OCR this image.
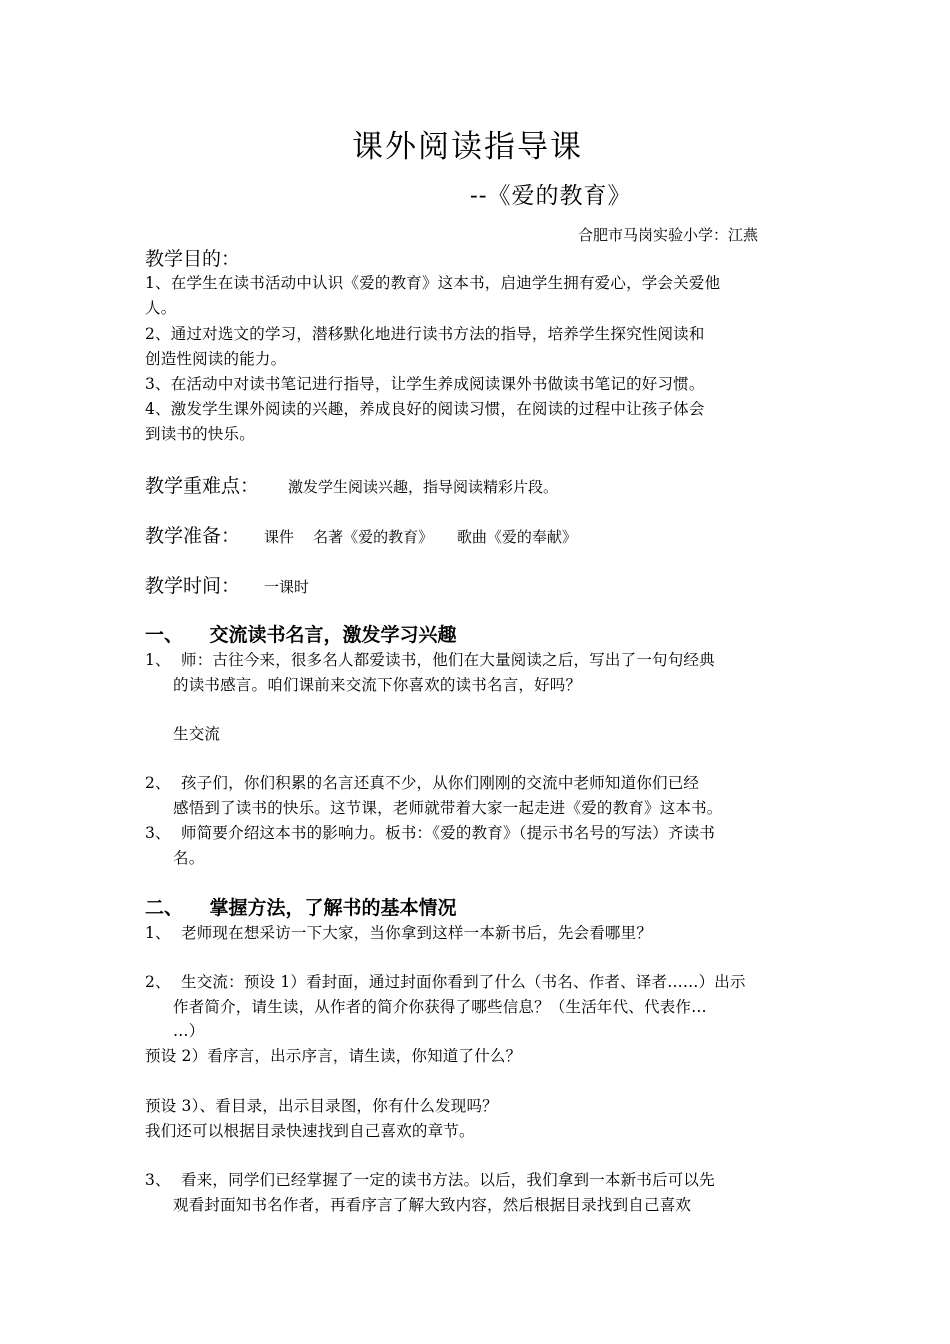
课外阅读指导课
--《爱的教育》
合肥市马岗实验小学：江燕
教学目的：
1、在学生在读书活动中认识《爱的教育》这本书，启迪学生拥有爱心，学会关爱他
人。
2、通过对选文的学习，潜移默化地进行读书方法的指导，培养学生探究性阅读和
创造性阅读的能力。
3、在活动中对读书笔记进行指导，让学生养成阅读课外书做读书笔记的好习惯。
4、激发学生课外阅读的兴趣，养成良好的阅读习惯，在阅读的过程中让孩子体会
到读书的快乐。
教学重难点： 激发学生阅读兴趣，指导阅读精彩片段。
教学准备： 课件    名著《爱的教育》     歌曲《爱的奉献》
教学时间： 一课时
一、    交流读书名言，激发学习兴趣
1、  师：古往今来，很多名人都爱读书，他们在大量阅读之后，写出了一句句经典
的读书感言。咱们课前来交流下你喜欢的读书名言，好吗？
生交流
2、  孩子们，你们积累的名言还真不少，从你们刚刚的交流中老师知道你们已经
感悟到了读书的快乐。这节课，老师就带着大家一起走进《爱的教育》这本书。
3、  师简要介绍这本书的影响力。板书：《爱的教育》（提示书名号的写法）齐读书
名。
二、    掌握方法，了解书的基本情况
1、  老师现在想采访一下大家，当你拿到这样一本新书后，先会看哪里？
2、  生交流：预设 1）看封面，通过封面你看到了什么（书名、作者、译者……）出示
作者简介，请生读，从作者的简介你获得了哪些信息？（生活年代、代表作…
…）
预设 2）看序言，出示序言，请生读，你知道了什么？
预设 3）、看目录，出示目录图，你有什么发现吗？
我们还可以根据目录快速找到自己喜欢的章节。
3、  看来，同学们已经掌握了一定的读书方法。以后，我们拿到一本新书后可以先
观看封面知书名作者，再看序言了解大致内容，然后根据目录找到自己喜欢
